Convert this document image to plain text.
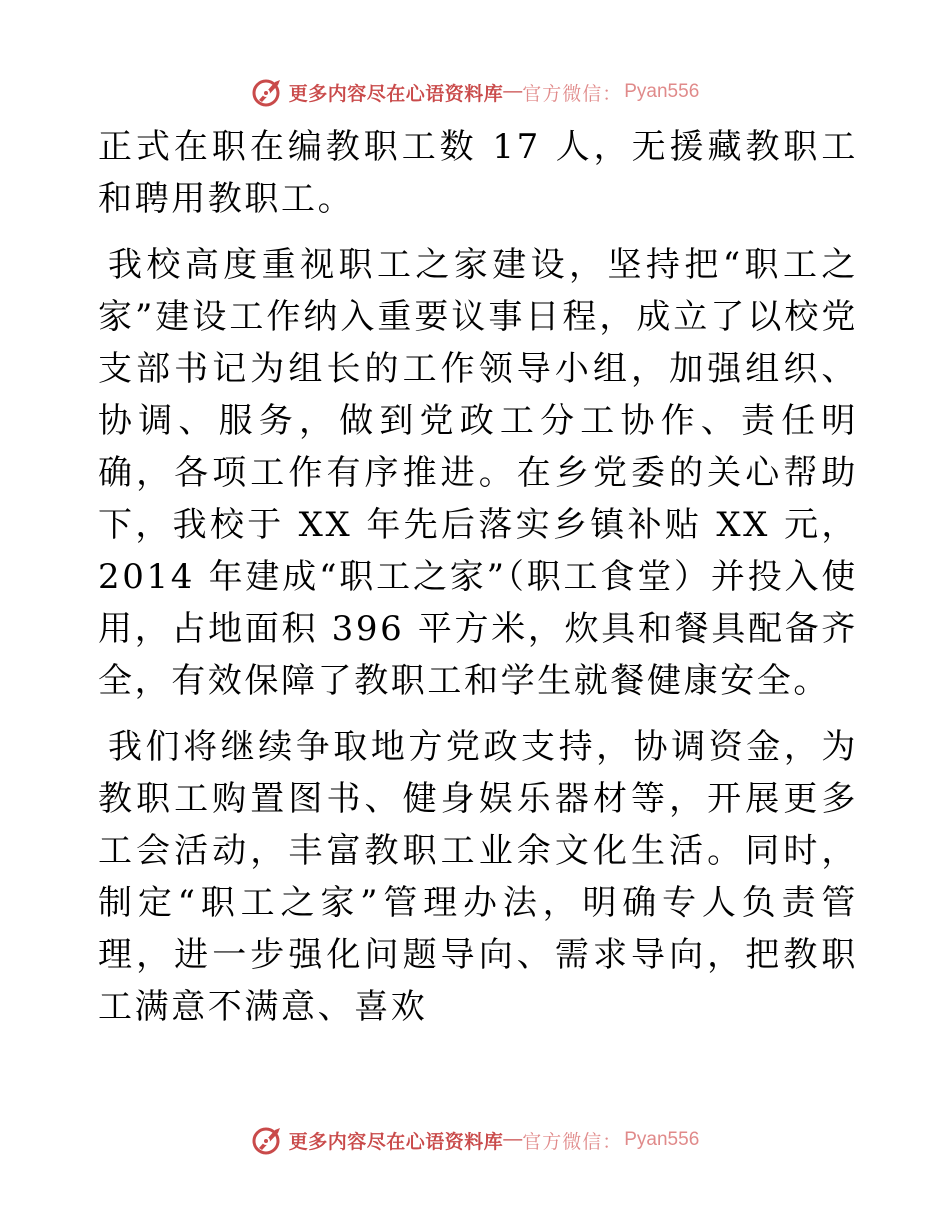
更多内容尽在心语资料库 — 官方微信： Pyan556

正式在职在编教职工数 17 人，无援藏教职工和聘用教职工。

我校高度重视职工之家建设，坚持把“职工之家”建设工作纳入重要议事日程，成立了以校党支部书记为组长的工作领导小组，加强组织、协调、服务，做到党政工分工协作、责任明确，各项工作有序推进。在乡党委的关心帮助下，我校于 XX 年先后落实乡镇补贴 XX 元，2014 年建成“职工之家”（职工食堂）并投入使用，占地面积 396 平方米，炊具和餐具配备齐全，有效保障了教职工和学生就餐健康安全。

我们将继续争取地方党政支持，协调资金，为教职工购置图书、健身娱乐器材等，开展更多工会活动，丰富教职工业余文化生活。同时，制定“职工之家”管理办法，明确专人负责管理，进一步强化问题导向、需求导向，把教职工满意不满意、喜欢

更多内容尽在心语资料库 — 官方微信： Pyan556
